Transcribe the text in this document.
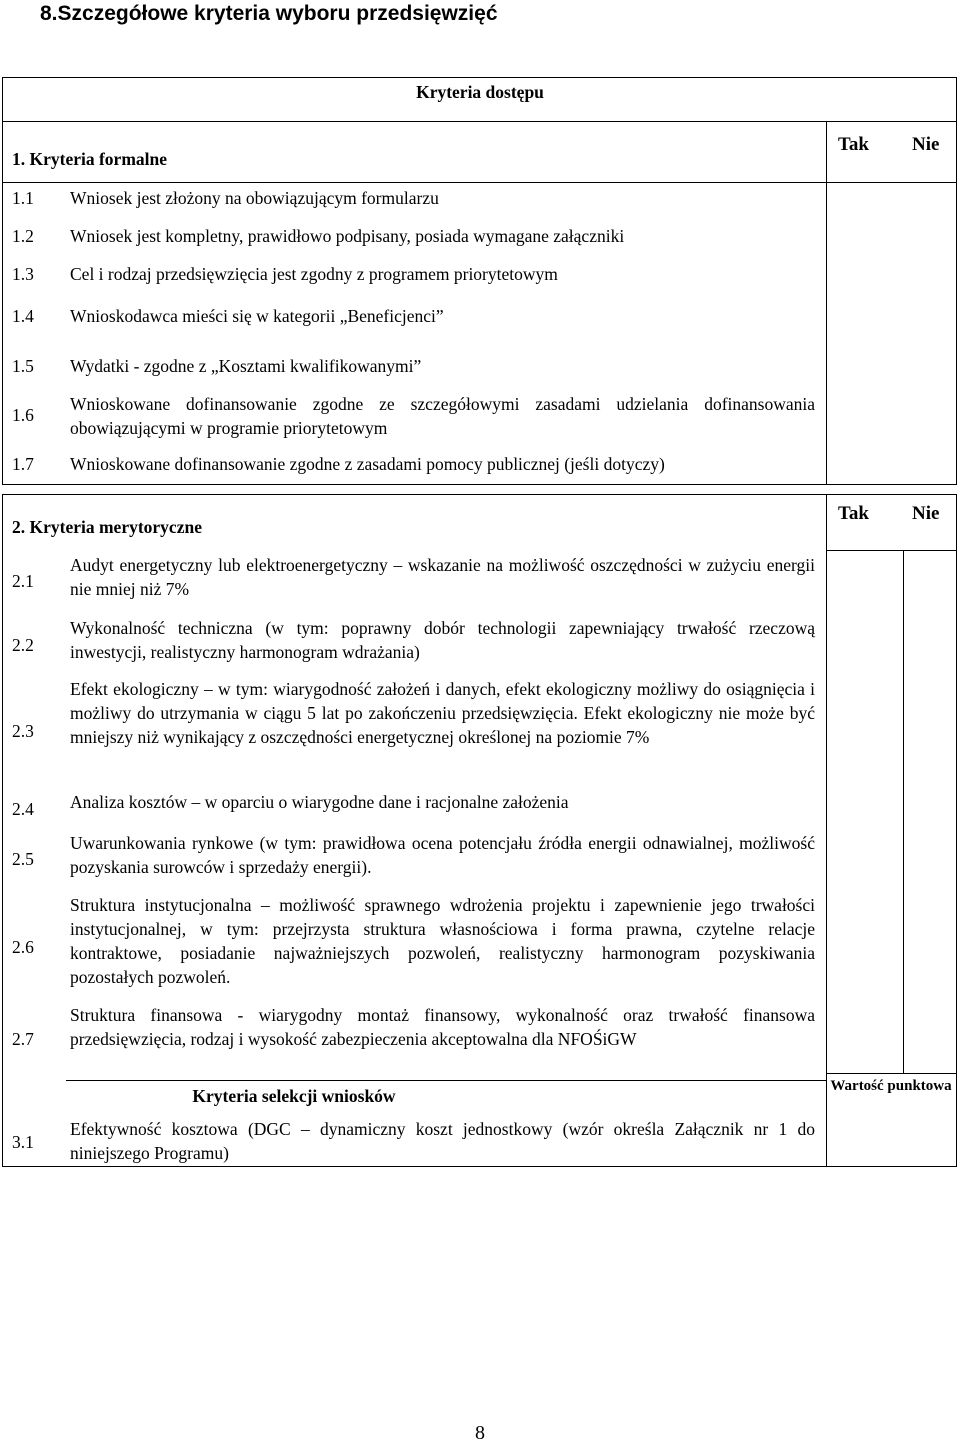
8.Szczegółowe kryteria wyboru przedsięwzięć
Kryteria dostępu
1. Kryteria formalne
Tak Nie
1.1 Wniosek jest złożony na obowiązującym formularzu
1.2 Wniosek jest kompletny, prawidłowo podpisany, posiada wymagane załączniki
1.3 Cel i rodzaj przedsięwzięcia jest zgodny z programem priorytetowym
1.4 Wnioskodawca mieści się w kategorii „Beneficjenci”
1.5 Wydatki - zgodne z „Kosztami kwalifikowanymi”
1.6
Wnioskowane dofinansowanie zgodne ze szczegółowymi zasadami udzielania dofinansowania obowiązującymi w programie priorytetowym
1.7 Wnioskowane dofinansowanie zgodne z zasadami pomocy publicznej (jeśli dotyczy)
2. Kryteria merytoryczne
Tak Nie
2.1
Audyt energetyczny lub elektroenergetyczny – wskazanie na możliwość oszczędności w zużyciu energii nie mniej niż 7%
2.2
Wykonalność techniczna (w tym: poprawny dobór technologii zapewniający trwałość rzeczową inwestycji, realistyczny harmonogram wdrażania)
2.3
Efekt ekologiczny – w tym: wiarygodność założeń i danych, efekt ekologiczny możliwy do osiągnięcia i możliwy do utrzymania w ciągu 5 lat po zakończeniu przedsięwzięcia. Efekt ekologiczny nie może być mniejszy niż wynikający z oszczędności energetycznej określonej na poziomie 7%
2.4 Analiza kosztów – w oparciu o wiarygodne dane i racjonalne założenia
2.5
Uwarunkowania rynkowe (w tym: prawidłowa ocena potencjału źródła energii odnawialnej, możliwość pozyskania surowców i sprzedaży energii).
2.6
Struktura instytucjonalna – możliwość sprawnego wdrożenia projektu i zapewnienie jego trwałości instytucjonalnej, w tym: przejrzysta struktura własnościowa i forma prawna, czytelne relacje kontraktowe, posiadanie najważniejszych pozwoleń, realistyczny harmonogram pozyskiwania pozostałych pozwoleń.
2.7
Struktura finansowa - wiarygodny montaż finansowy, wykonalność oraz trwałość finansowa przedsięwzięcia, rodzaj i wysokość zabezpieczenia akceptowalna dla NFOŚiGW
Kryteria selekcji wniosków	Wartość punktowa
3.1
Efektywność kosztowa (DGC – dynamiczny koszt jednostkowy (wzór określa Załącznik nr 1 do niniejszego Programu)
8
